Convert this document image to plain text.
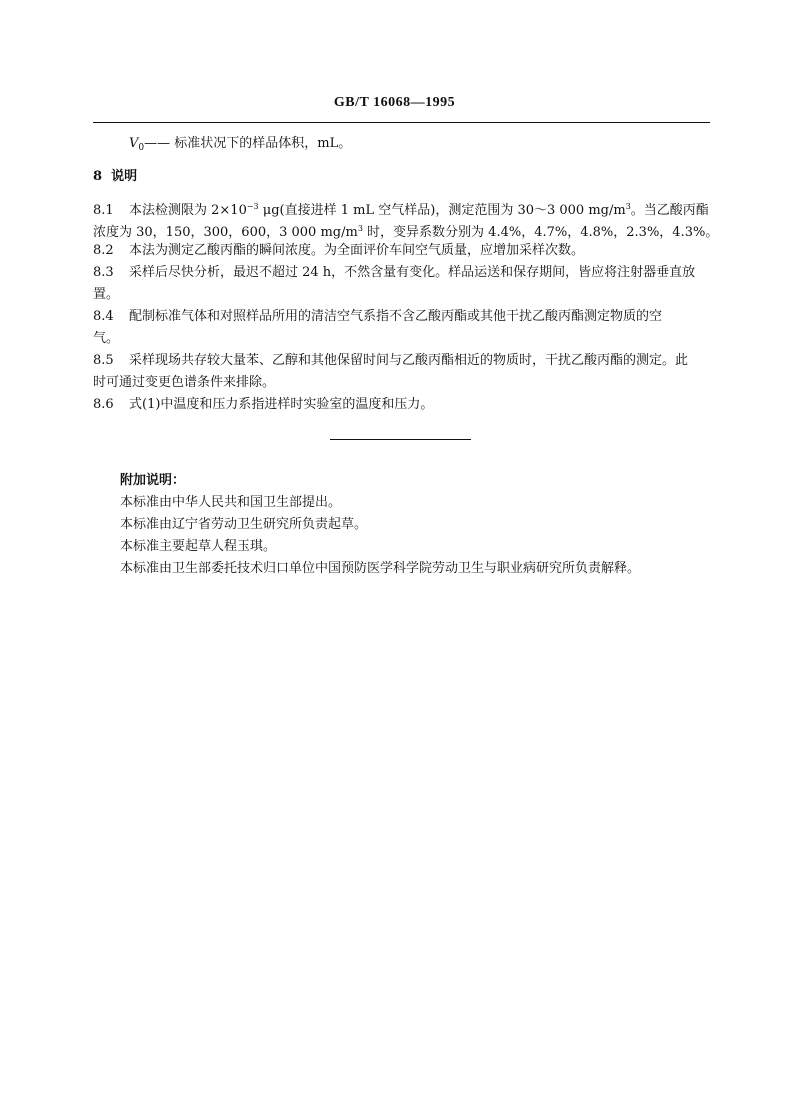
GB/T 16068—1995
$V_0——$ 标准状况下的样品体积，mL。
8 说明
8.1 本法检测限为 $2\times 10^{-3}$ μg(直接进样 1 mL 空气样品)，测定范围为 30～3 000 $mg/m^3$。当乙酸丙酯
浓度为 30，150，300，600，3 000 $mg/m^3$ 时，变异系数分别为 4.4%，4.7%，4.8%，2.3%，4.3%。
8.2 本法为测定乙酸丙酯的瞬间浓度。为全面评价车间空气质量，应增加采样次数。
8.3 采样后尽快分析，最迟不超过 24 h，不然含量有变化。样品运送和保存期间，皆应将注射器垂直放
置。
8.4 配制标准气体和对照样品所用的清洁空气系指不含乙酸丙酯或其他干扰乙酸丙酯测定物质的空
气。
8.5 采样现场共存较大量苯、乙醇和其他保留时间与乙酸丙酯相近的物质时，干扰乙酸丙酯的测定。此
时可通过变更色谱条件来排除。
8.6 式(1)中温度和压力系指进样时实验室的温度和压力。
附加说明：
本标准由中华人民共和国卫生部提出。
本标准由辽宁省劳动卫生研究所负责起草。
本标准主要起草人程玉琪。
本标准由卫生部委托技术归口单位中国预防医学科学院劳动卫生与职业病研究所负责解释。
